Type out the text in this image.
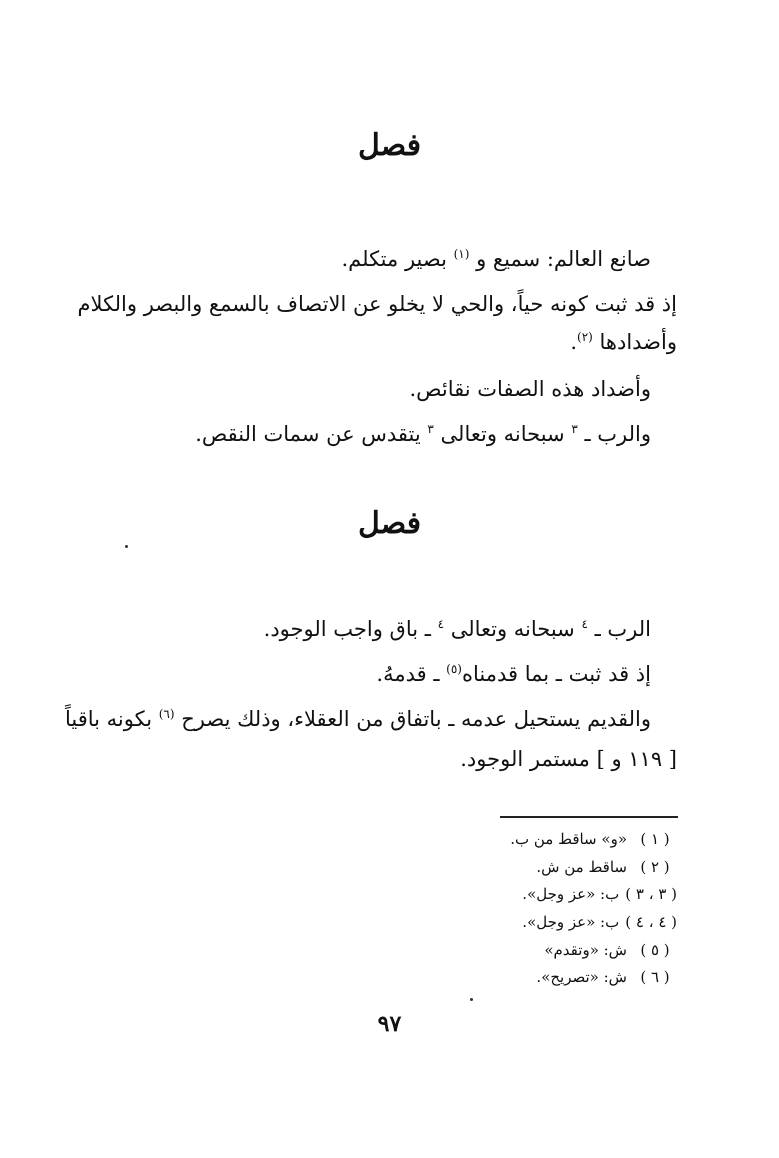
فصل
صانع العالم: سميع و $^{(١)}$ بصير متكلم.
إذ قد ثبت كونه حياً، والحي لا يخلو عن الاتصاف بالسمع والبصر والكلام
وأضدادها $^{(٢)}$.
وأضداد هذه الصفات نقائص.
والرب ـ $^٣$ سبحانه وتعالى $^٣$ يتقدس عن سمات النقص.
فصل
الرب ـ $^٤$ سبحانه وتعالى $^٤$ ـ باق واجب الوجود.
إذ قد ثبت ـ بما قدمناه$^{(٥)}$ ـ قدمهُ.
والقديم يستحيل عدمه ـ باتفاق من العقلاء، وذلك يصرح $^{(٦)}$ بكونه باقياً
[ ١١٩ و ] مستمر الوجود.
( ١ )«و» ساقط من ب.
( ٢ )ساقط من ش.
( ٣ ، ٣ )ب: «عز وجل».
( ٤ ، ٤ )ب: «عز وجل».
( ٥ )ش: «وتقدم»
( ٦ )ش: «تصريح».
٩٧
